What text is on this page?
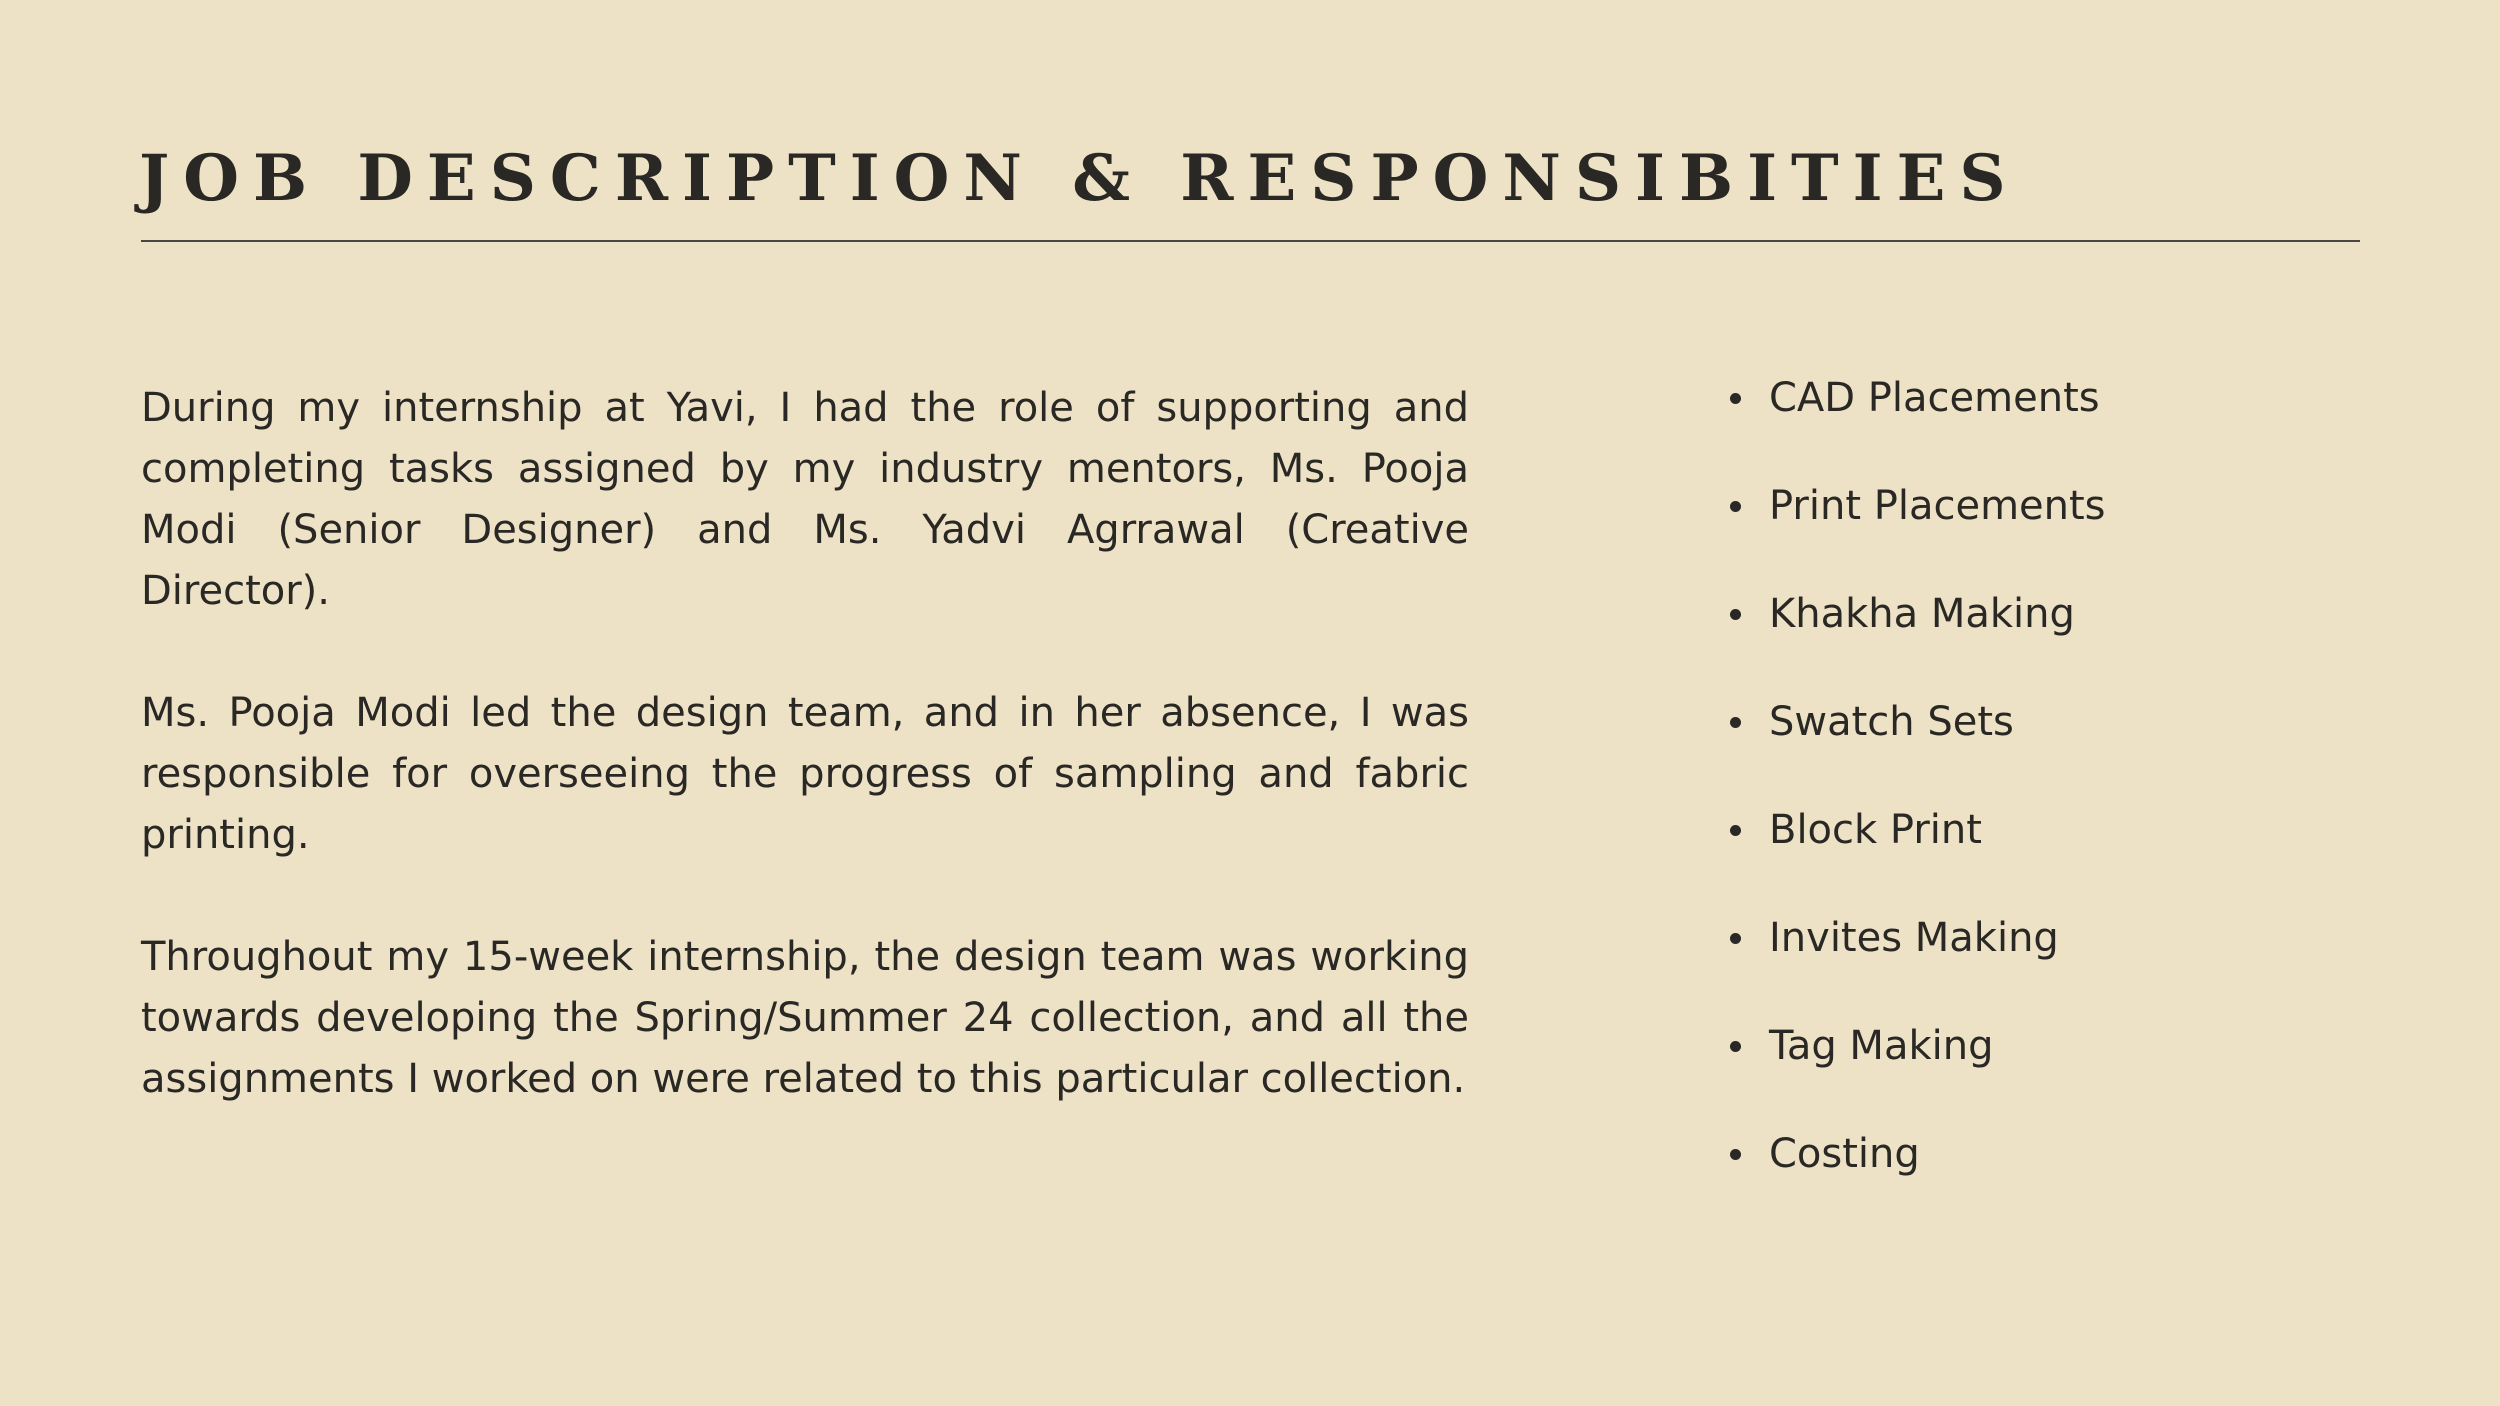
JOB DESCRIPTION & RESPONSIBITIES

During my internship at Yavi, I had the role of supporting and completing tasks assigned by my industry mentors, Ms. Pooja Modi (Senior Designer) and Ms. Yadvi Agrrawal (Creative Director).

Ms. Pooja Modi led the design team, and in her absence, I was responsible for overseeing the progress of sampling and fabric printing.

Throughout my 15-week internship, the design team was working towards developing the Spring/Summer 24 collection, and all the assignments I worked on were related to this particular collection.

CAD Placements
Print Placements
Khakha Making
Swatch Sets
Block Print
Invites Making
Tag Making
Costing
